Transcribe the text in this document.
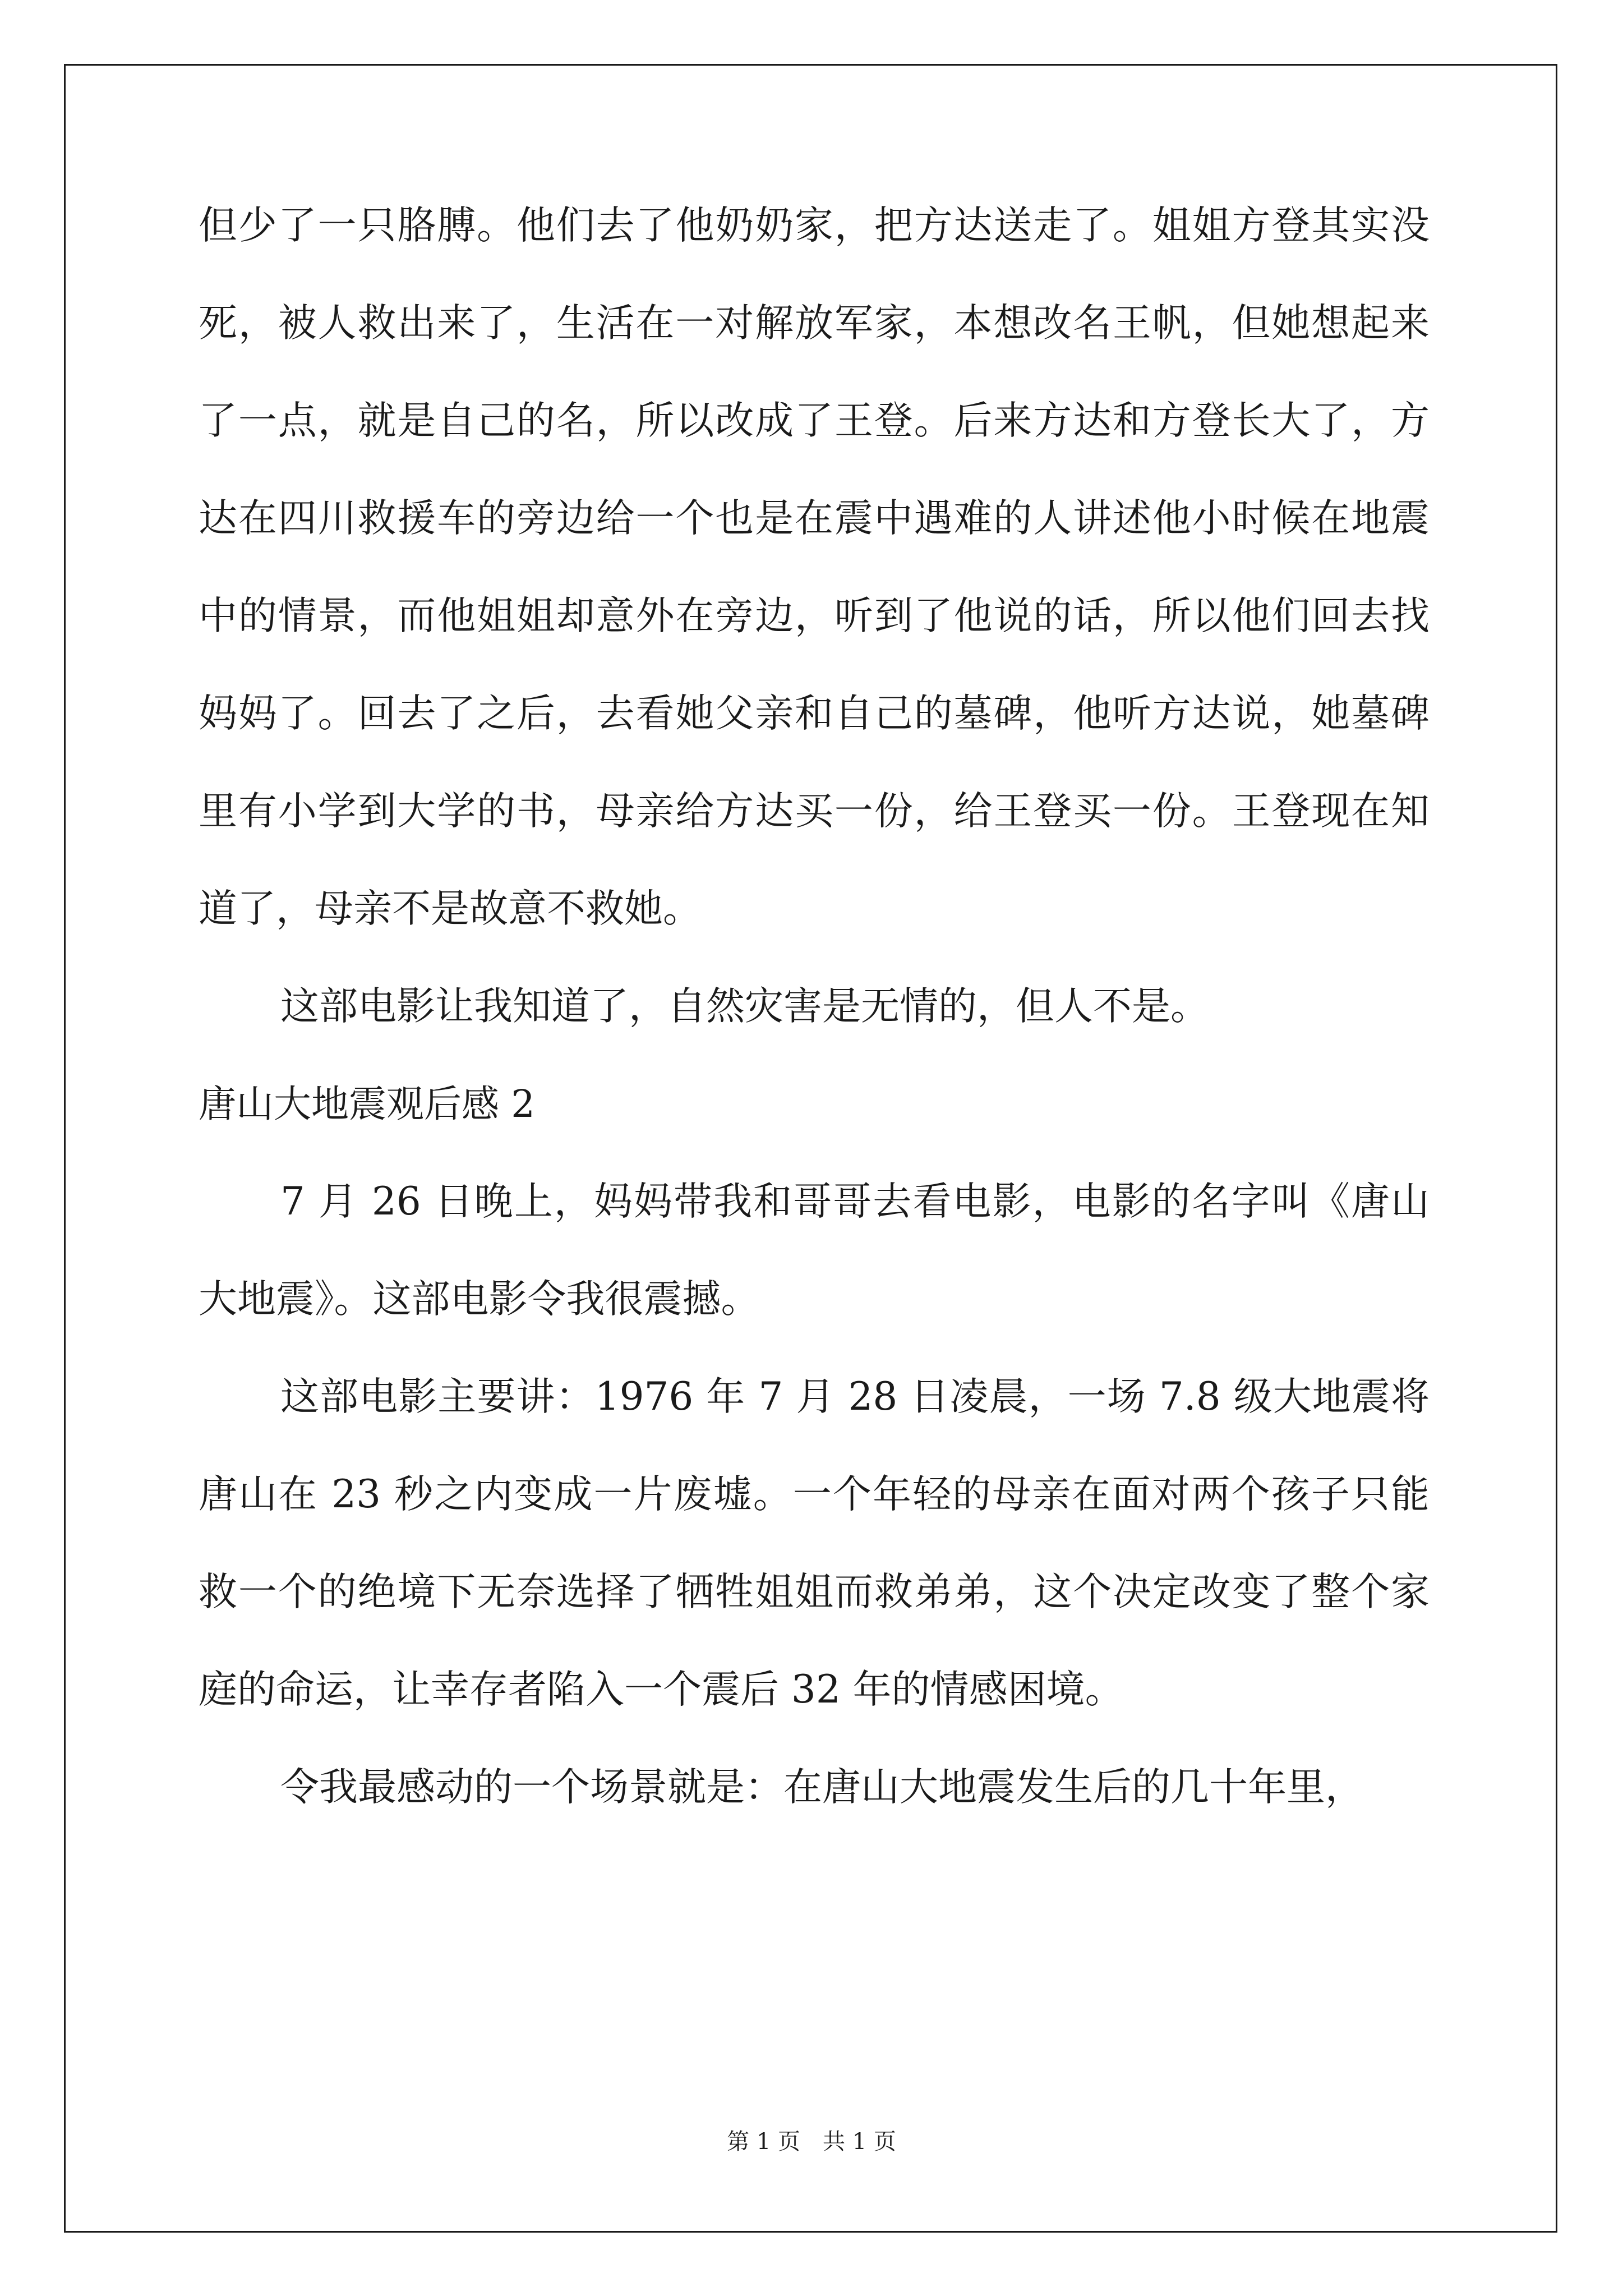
但少了一只胳膊。他们去了他奶奶家，把方达送走了。姐姐方登其实没死，被人救出来了，生活在一对解放军家，本想改名王帆，但她想起来了一点，就是自己的名，所以改成了王登。后来方达和方登长大了，方达在四川救援车的旁边给一个也是在震中遇难的人讲述他小时候在地震中的情景，而他姐姐却意外在旁边，听到了他说的话，所以他们回去找妈妈了。回去了之后，去看她父亲和自己的墓碑，他听方达说，她墓碑里有小学到大学的书，母亲给方达买一份，给王登买一份。王登现在知道了，母亲不是故意不救她。

这部电影让我知道了，自然灾害是无情的，但人不是。

唐山大地震观后感 2

7 月 26 日晚上，妈妈带我和哥哥去看电影，电影的名字叫《唐山大地震》。这部电影令我很震撼。

这部电影主要讲：1976 年 7 月 28 日凌晨，一场 7.8 级大地震将唐山在 23 秒之内变成一片废墟。一个年轻的母亲在面对两个孩子只能救一个的绝境下无奈选择了牺牲姐姐而救弟弟，这个决定改变了整个家庭的命运，让幸存者陷入一个震后 32 年的情感困境。

令我最感动的一个场景就是：在唐山大地震发生后的几十年里，

第 1 页　共 1 页
